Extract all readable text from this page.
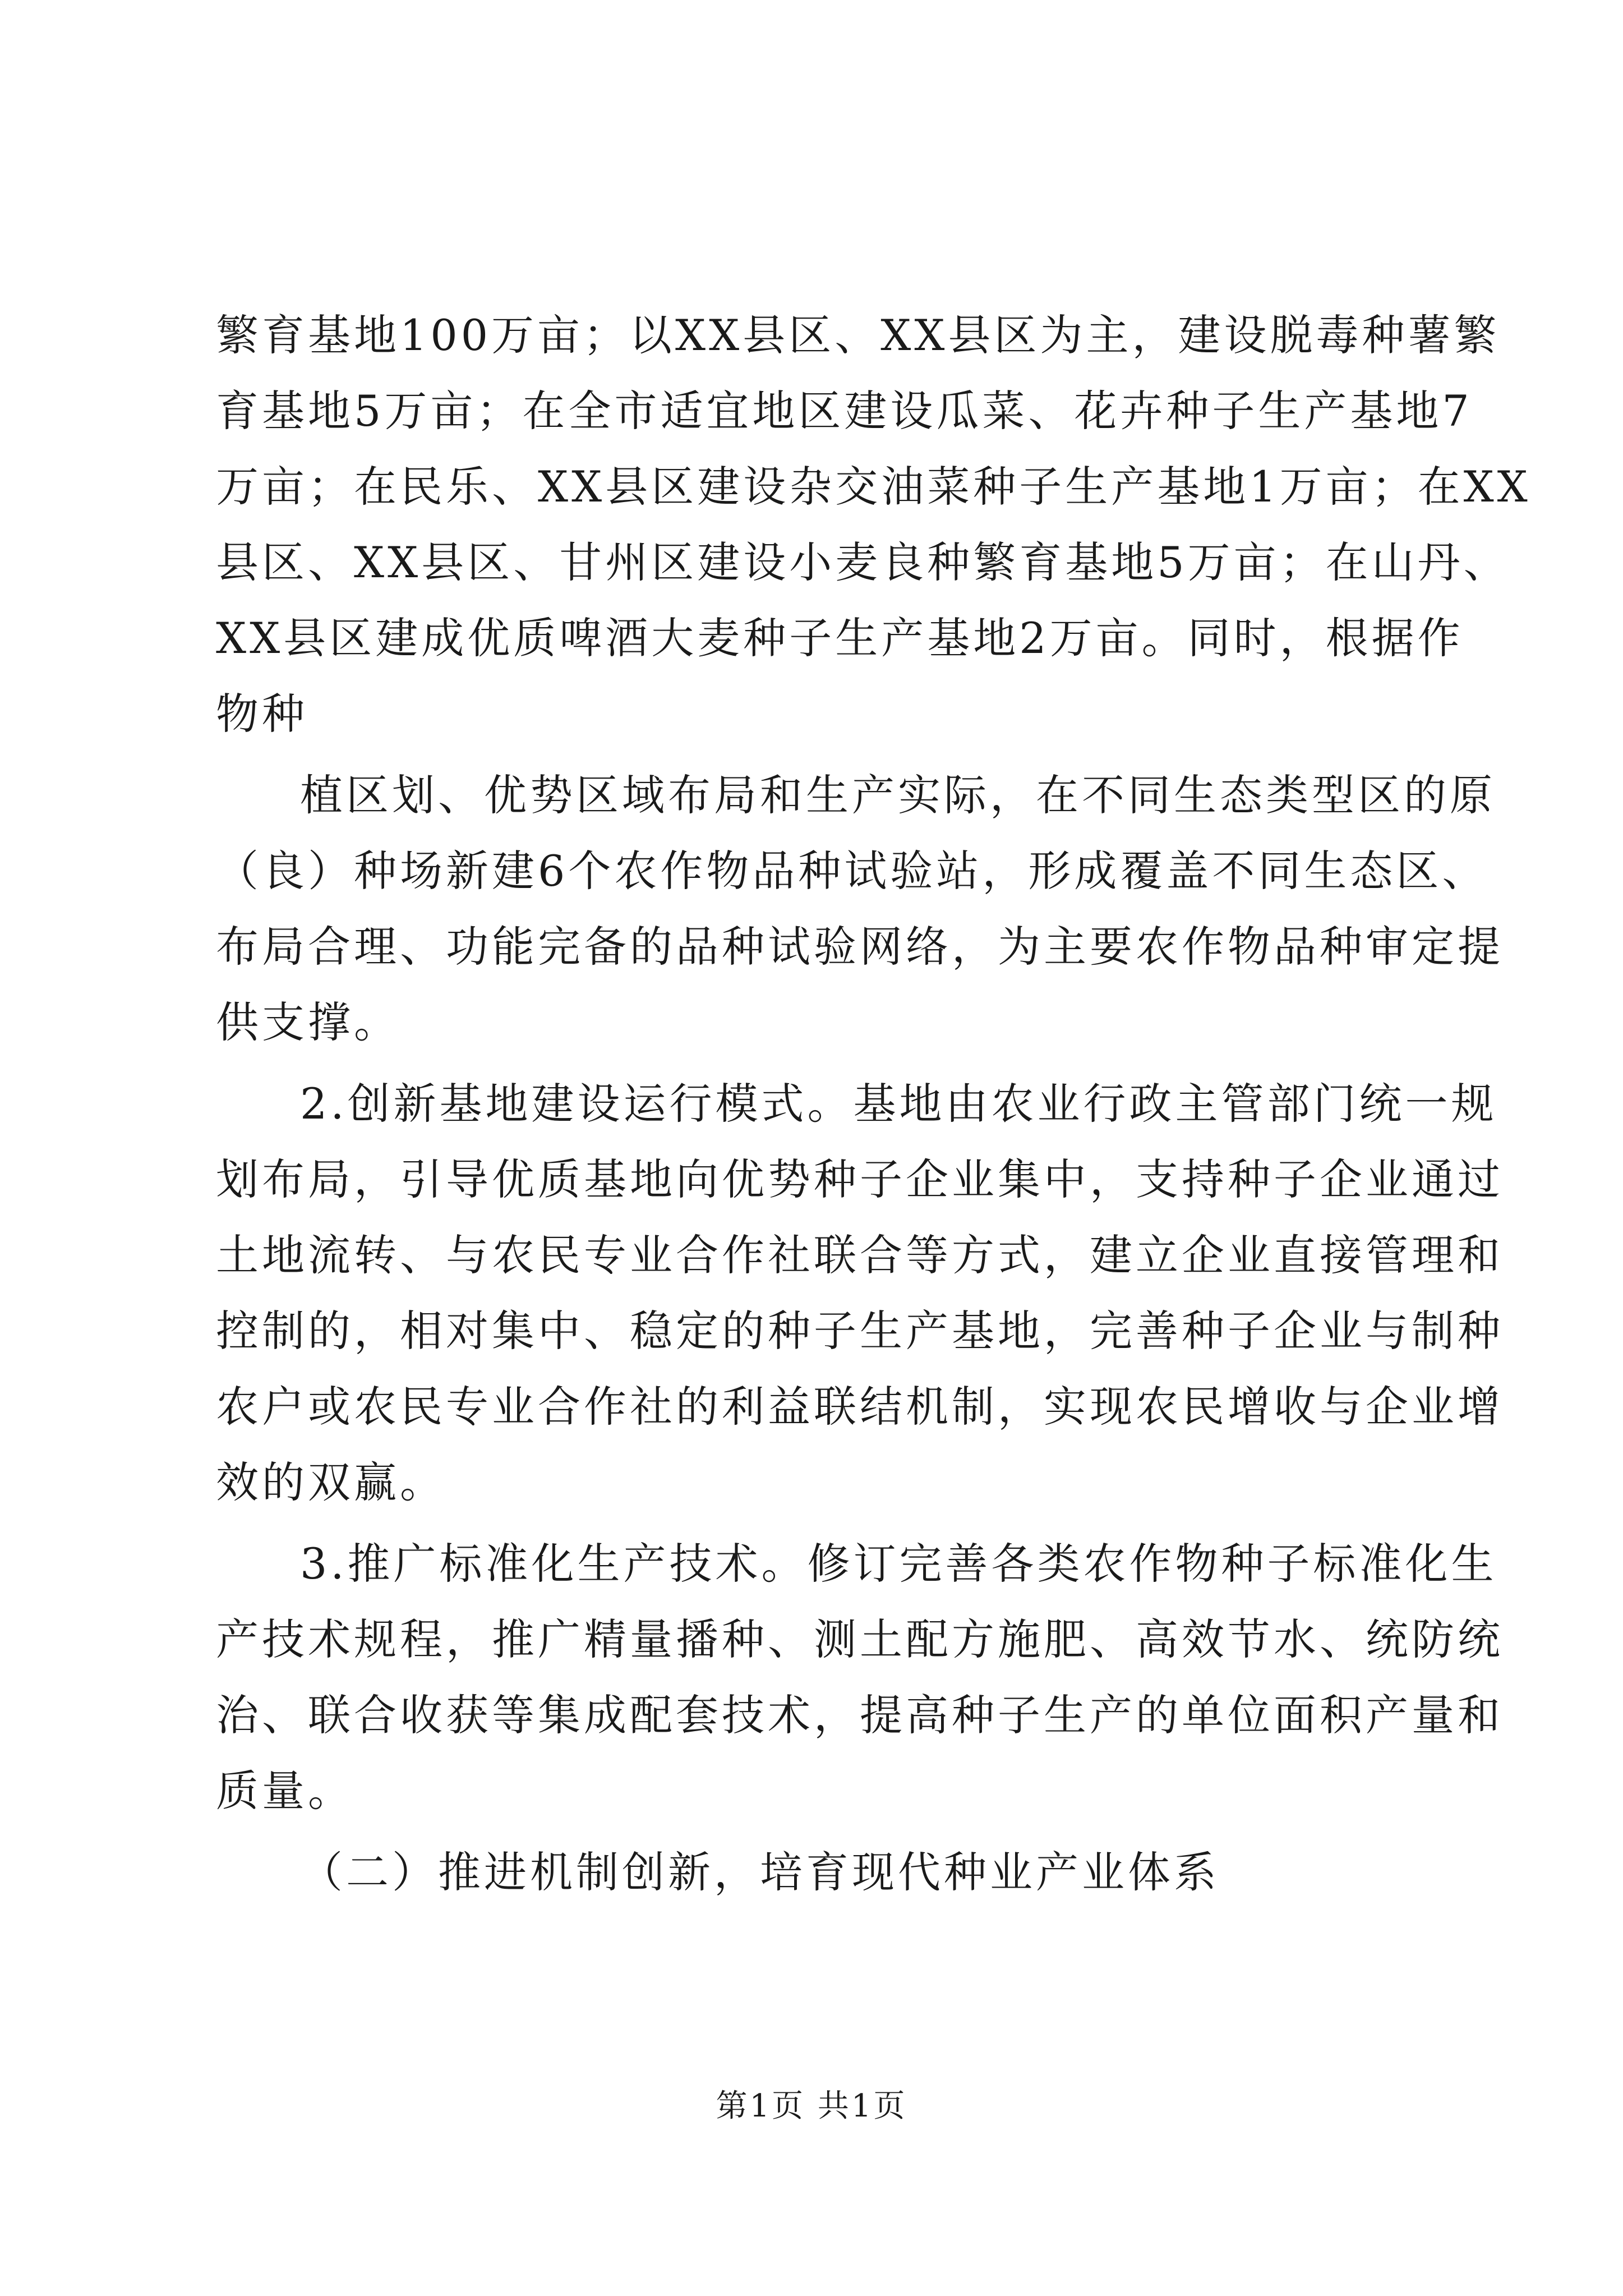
繁育基地100万亩；以XX县区、XX县区为主，建设脱毒种薯繁
育基地5万亩；在全市适宜地区建设瓜菜、花卉种子生产基地7
万亩；在民乐、XX县区建设杂交油菜种子生产基地1万亩；在XX
县区、XX县区、甘州区建设小麦良种繁育基地5万亩；在山丹、
XX县区建成优质啤酒大麦种子生产基地2万亩。同时，根据作
物种
植区划、优势区域布局和生产实际，在不同生态类型区的原
（良）种场新建6个农作物品种试验站，形成覆盖不同生态区、
布局合理、功能完备的品种试验网络，为主要农作物品种审定提
供支撑。
2.创新基地建设运行模式。基地由农业行政主管部门统一规
划布局，引导优质基地向优势种子企业集中，支持种子企业通过
土地流转、与农民专业合作社联合等方式，建立企业直接管理和
控制的，相对集中、稳定的种子生产基地，完善种子企业与制种
农户或农民专业合作社的利益联结机制，实现农民增收与企业增
效的双赢。
3.推广标准化生产技术。修订完善各类农作物种子标准化生
产技术规程，推广精量播种、测土配方施肥、高效节水、统防统
治、联合收获等集成配套技术，提高种子生产的单位面积产量和
质量。
（二）推进机制创新，培育现代种业产业体系
第1页 共1页
